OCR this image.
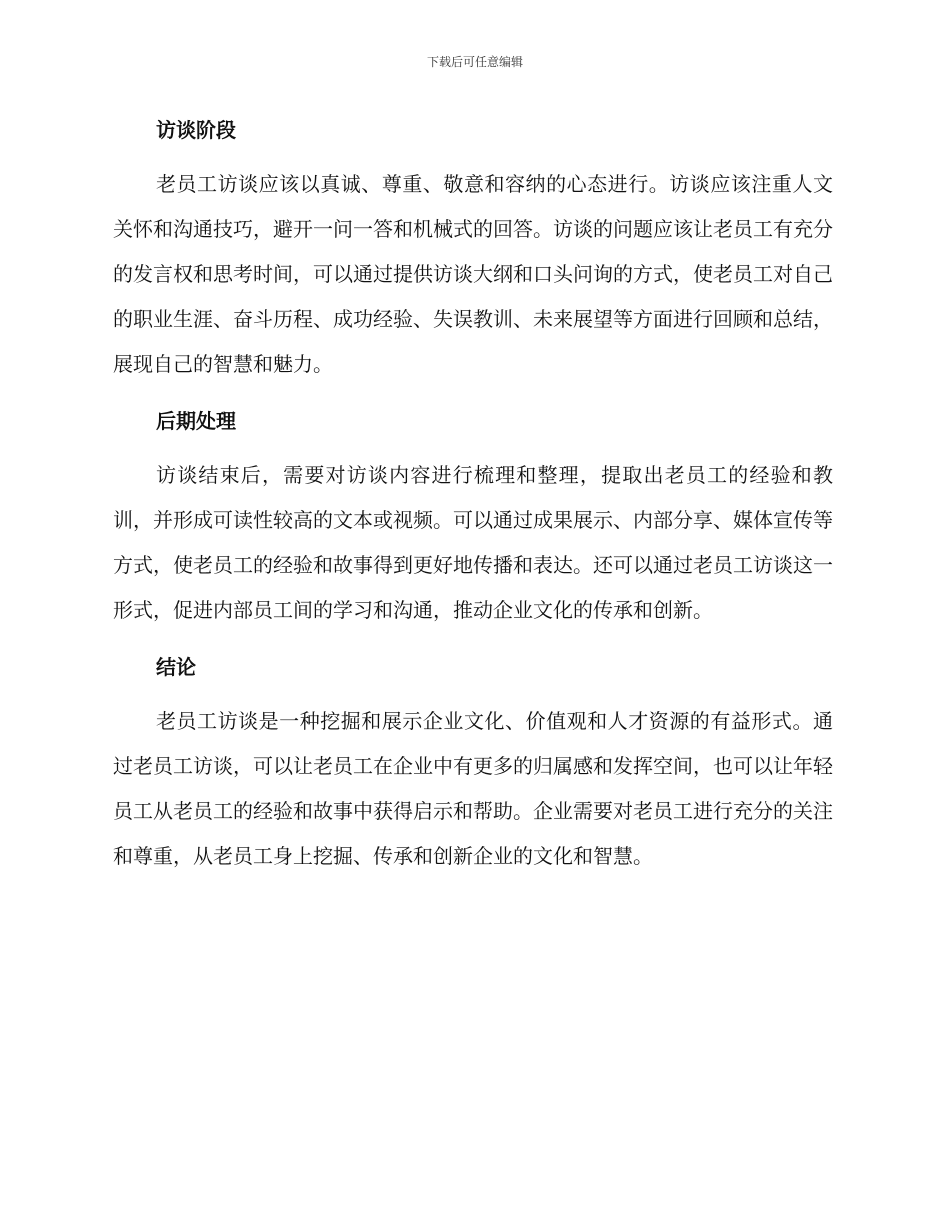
下载后可任意编辑
访谈阶段

老员工访谈应该以真诚、尊重、敬意和容纳的心态进行。访谈应该注重人文关怀和沟通技巧，避开一问一答和机械式的回答。访谈的问题应该让老员工有充分的发言权和思考时间，可以通过提供访谈大纲和口头问询的方式，使老员工对自己的职业生涯、奋斗历程、成功经验、失误教训、未来展望等方面进行回顾和总结，展现自己的智慧和魅力。

后期处理

访谈结束后，需要对访谈内容进行梳理和整理，提取出老员工的经验和教训，并形成可读性较高的文本或视频。可以通过成果展示、内部分享、媒体宣传等方式，使老员工的经验和故事得到更好地传播和表达。还可以通过老员工访谈这一形式，促进内部员工间的学习和沟通，推动企业文化的传承和创新。

结论

老员工访谈是一种挖掘和展示企业文化、价值观和人才资源的有益形式。通过老员工访谈，可以让老员工在企业中有更多的归属感和发挥空间，也可以让年轻员工从老员工的经验和故事中获得启示和帮助。企业需要对老员工进行充分的关注和尊重，从老员工身上挖掘、传承和创新企业的文化和智慧。
